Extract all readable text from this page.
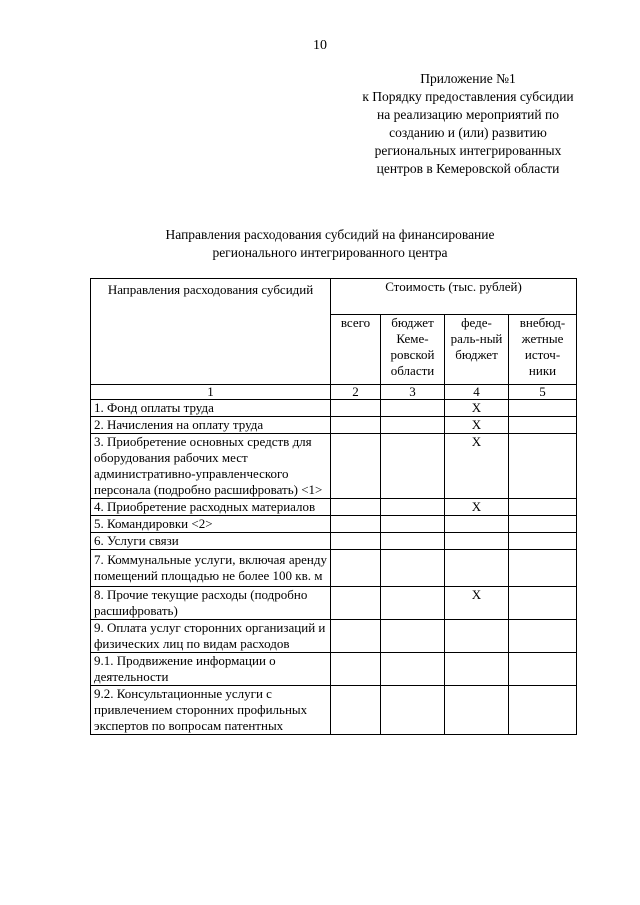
10
Приложение №1
к Порядку предоставления субсидии
на реализацию мероприятий по
созданию и (или) развитию
региональных интегрированных
центров в Кемеровской области
Направления расходования субсидий на финансирование
регионального интегрированного центра
Направления расходования субсидий	Стоимость (тыс. рублей)			
	всего	бюджет Кеме-ровской области	феде-раль-ный бюджет	внебюд-жетные источ-ники
1	2	3	4	5
1. Фонд оплаты труда			X	
2. Начисления на оплату труда			X	
3. Приобретение основных средств для оборудования рабочих мест административно-управленческого персонала (подробно расшифровать) <1>			X	
4. Приобретение расходных материалов			X	
5. Командировки <2>				
6. Услуги связи				
7. Коммунальные услуги, включая аренду помещений площадью не более 100 кв. м				
8. Прочие текущие расходы (подробно расшифровать)			X	
9. Оплата услуг сторонних организаций и физических лиц по видам расходов				
9.1. Продвижение информации о деятельности				
9.2. Консультационные услуги с привлечением сторонних профильных экспертов по вопросам патентных				
